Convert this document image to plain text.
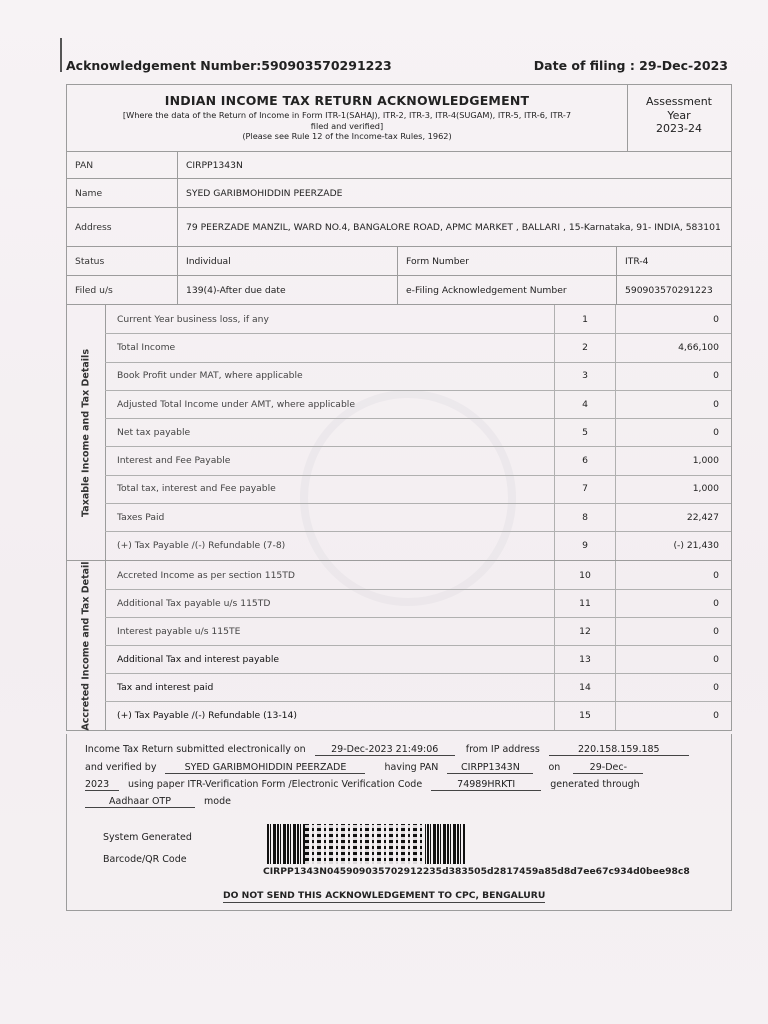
Acknowledgement Number:590903570291223	Date of filing : 29-Dec-2023
INDIAN INCOME TAX RETURN ACKNOWLEDGEMENT
[Where the data of the Return of Income in Form ITR-1(SAHAJ), ITR-2, ITR-3, ITR-4(SUGAM), ITR-5, ITR-6, ITR-7
filed and verified]
(Please see Rule 12 of the Income-tax Rules, 1962)
Assessment
Year
2023-24
PAN	CIRPP1343N
Name	SYED GARIBMOHIDDIN PEERZADE
Address	79 PEERZADE MANZIL, WARD NO.4, BANGALORE ROAD, APMC MARKET , BALLARI , 15-Karnataka, 91- INDIA, 583101
Status	Individual	Form Number	ITR-4
Filed u/s	139(4)-After due date	e-Filing Acknowledgement Number	590903570291223
Taxable Income and Tax Details
Current Year business loss, if any	1	0
Total Income	2	4,66,100
Book Profit under MAT, where applicable	3	0
Adjusted Total Income under AMT, where applicable	4	0
Net tax payable	5	0
Interest and Fee Payable	6	1,000
Total tax, interest and Fee payable	7	1,000
Taxes Paid	8	22,427
(+) Tax Payable /(-) Refundable (7-8)	9	(-) 21,430
Accreted Income and Tax Detail	Accreted Income as per section 115TD	10	0
Additional Tax payable u/s 115TD	11	0
Interest payable u/s 115TE	12	0
Additional Tax and interest payable	13	0
Tax and interest paid	14	0
(+) Tax Payable /(-) Refundable (13-14)	15	0
Income Tax Return submitted electronically on	29-Dec-2023 21:49:06	from IP address	220.158.159.185
and verified by	SYED GARIBMOHIDDIN PEERZADE	having PAN CIRPP1343N	on	29-Dec-
2023 using paper ITR-Verification Form /Electronic Verification Code	74989HRKTI	generated through
Aadhaar OTP	mode
System Generated
Barcode/QR Code
CIRPP1343N045909035702912235d383505d2817459a85d8d7ee67c934d0bee98c8
DO NOT SEND THIS ACKNOWLEDGEMENT TO CPC, BENGALURU
